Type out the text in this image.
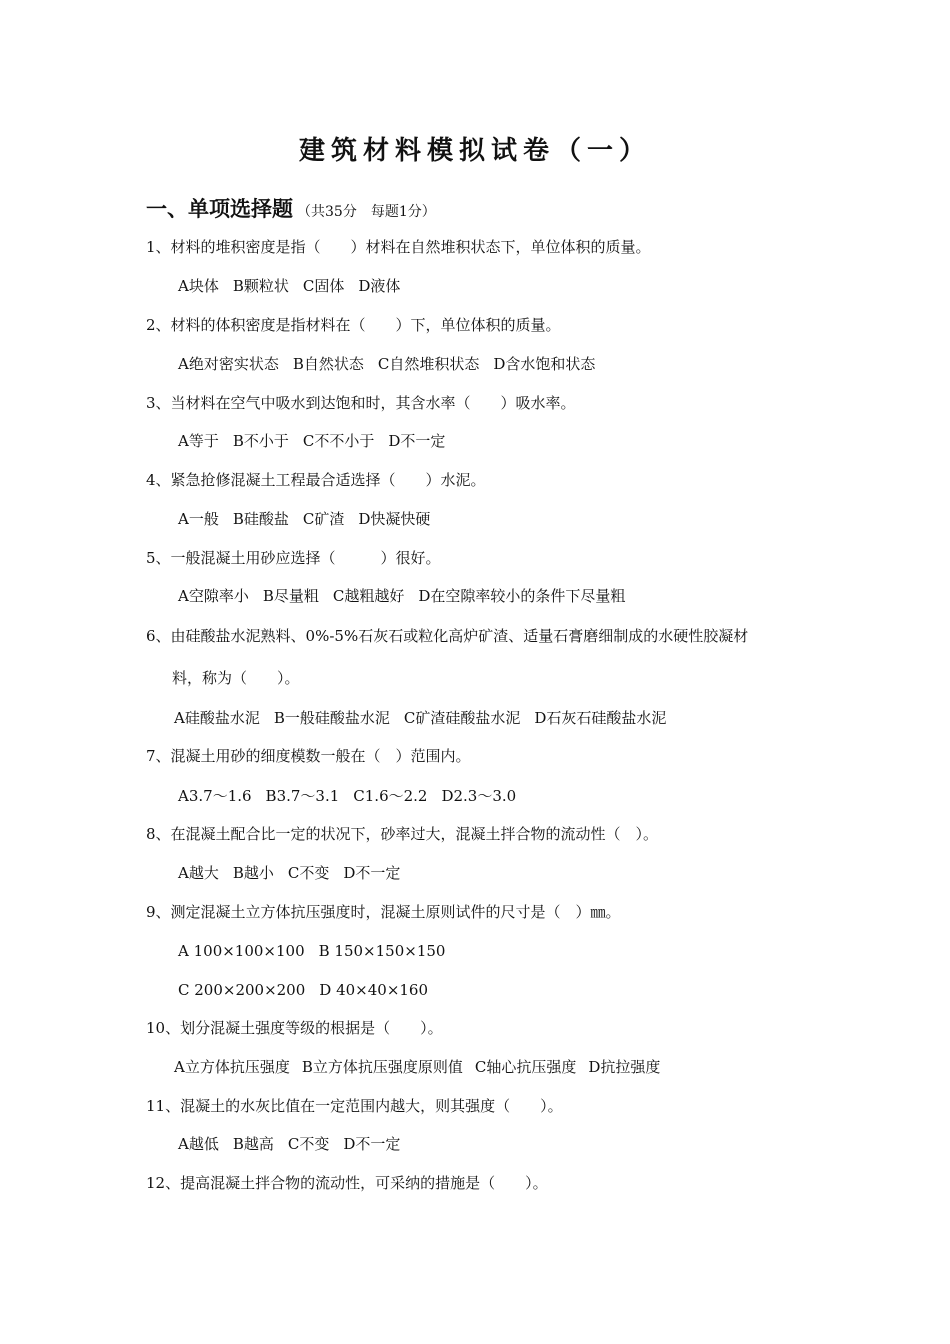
建筑材料模拟试卷（一）
一、单项选择题 （共35分　每题1分）
1、材料的堆积密度是指（　　）材料在自然堆积状态下，单位体积的质量。
A块体 B颗粒状 C固体 D液体
2、材料的体积密度是指材料在（　　）下，单位体积的质量。
A绝对密实状态 B自然状态 C自然堆积状态 D含水饱和状态
3、当材料在空气中吸水到达饱和时，其含水率（　　）吸水率。
A等于 B不小于 C不不小于 D不一定
4、紧急抢修混凝土工程最合适选择（　　）水泥。
A一般 B硅酸盐 C矿渣 D快凝快硬
5、一般混凝土用砂应选择（　　　）很好。
A空隙率小 B尽量粗 C越粗越好 D在空隙率较小的条件下尽量粗
6、由硅酸盐水泥熟料、0%-5%石灰石或粒化高炉矿渣、适量石膏磨细制成的水硬性胶凝材
料，称为（　　）。
A硅酸盐水泥 B一般硅酸盐水泥 C矿渣硅酸盐水泥 D石灰石硅酸盐水泥
7、混凝土用砂的细度模数一般在（　）范围内。
A3.7～1.6 B3.7～3.1 C1.6～2.2 D2.3～3.0
8、在混凝土配合比一定的状况下，砂率过大，混凝土拌合物的流动性（　）。
A越大 B越小 C不变 D不一定
9、测定混凝土立方体抗压强度时，混凝土原则试件的尺寸是（　）㎜。
A 100×100×100 B 150×150×150
C 200×200×200 D 40×40×160
10、划分混凝土强度等级的根据是（　　）。
A立方体抗压强度 B立方体抗压强度原则值 C轴心抗压强度 D抗拉强度
11、混凝土的水灰比值在一定范围内越大，则其强度（　　）。
A越低 B越高 C不变 D不一定
12、提高混凝土拌合物的流动性，可采纳的措施是（　　）。
